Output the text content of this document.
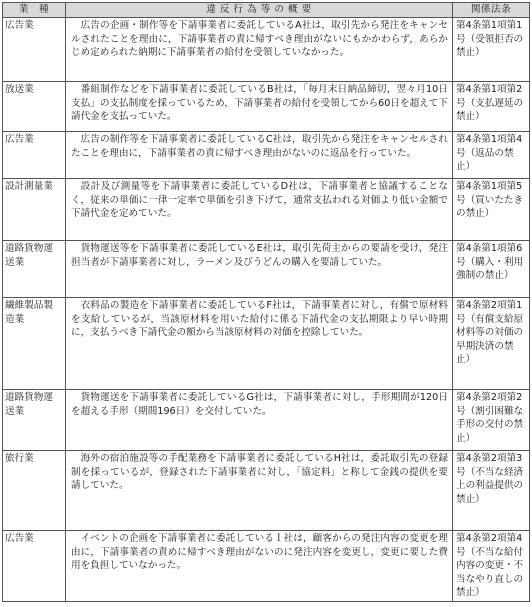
業　種	違 反 行 為 等 の 概 要	関係法条
広告業	広告の企画・制作等を下請事業者に委託しているA社は，取引先から発注をキャンセルされたことを理由に，下請事業者の責に帰すべき理由がないにもかかわらず，あらかじめ定められた納期に下請事業者の給付を受領していなかった。	第4条第1項第1号（受領拒否の禁止）
放送業	番組制作などを下請事業者に委託しているB社は，「毎月末日納品締切，翌々月10日支払」の支払制度を採っているため，下請事業者の給付を受領してから60日を超えて下請代金を支払っていた。	第4条第1項第2号（支払遅延の禁止）
広告業	広告の制作等を下請事業者に委託しているC社は，取引先から発注をキャンセルされたことを理由に，下請事業者の責に帰すべき理由がないのに返品を行っていた。	第4条第1項第4号（返品の禁止）
設計測量業	設計及び測量等を下請事業者に委託しているD社は，下請事業者と協議することなく，従来の単価に一律一定率で単価を引き下げて，通常支払われる対価より低い金額で下請代金を定めていた。	第4条第1項第5号（買いたたきの禁止）
道路貨物運送業	貨物運送等を下請事業者に委託しているE社は，取引先荷主からの要請を受け，発注担当者が下請事業者に対し，ラーメン及びうどんの購入を要請していた。	第4条第1項第6号（購入・利用強制の禁止）
繊維製品製造業	衣料品の製造を下請事業者に委託しているF社は，下請事業者に対し，有償で原材料を支給しているが，当該原材料を用いた給付に係る下請代金の支払期限より早い時期に，支払うべき下請代金の額から当該原材料の対価を控除していた。	第4条第2項第1号（有償支給原材料等の対価の早期決済の禁止）
道路貨物運送業	貨物運送を下請事業者に委託しているG社は，下請事業者に対し，手形期間が120日を超える手形（期間196日）を交付していた。	第4条第2項第2号（割引困難な手形の交付の禁止）
旅行業	海外の宿泊施設等の手配業務を下請事業者に委託しているH社は，委託取引先の登録制を採っているが，登録された下請事業者に対し，「協定料」と称して金銭の提供を要請していた。	第4条第2項第3号（不当な経済上の利益提供の禁止）
広告業	イベントの企画を下請事業者に委託しているＩ社は，顧客からの発注内容の変更を理由に，下請事業者の責めに帰すべき理由がないのに発注内容を変更し，変更に要した費用を負担していなかった。	第4条第2項第4号（不当な給付内容の変更・不当なやり直しの禁止）
